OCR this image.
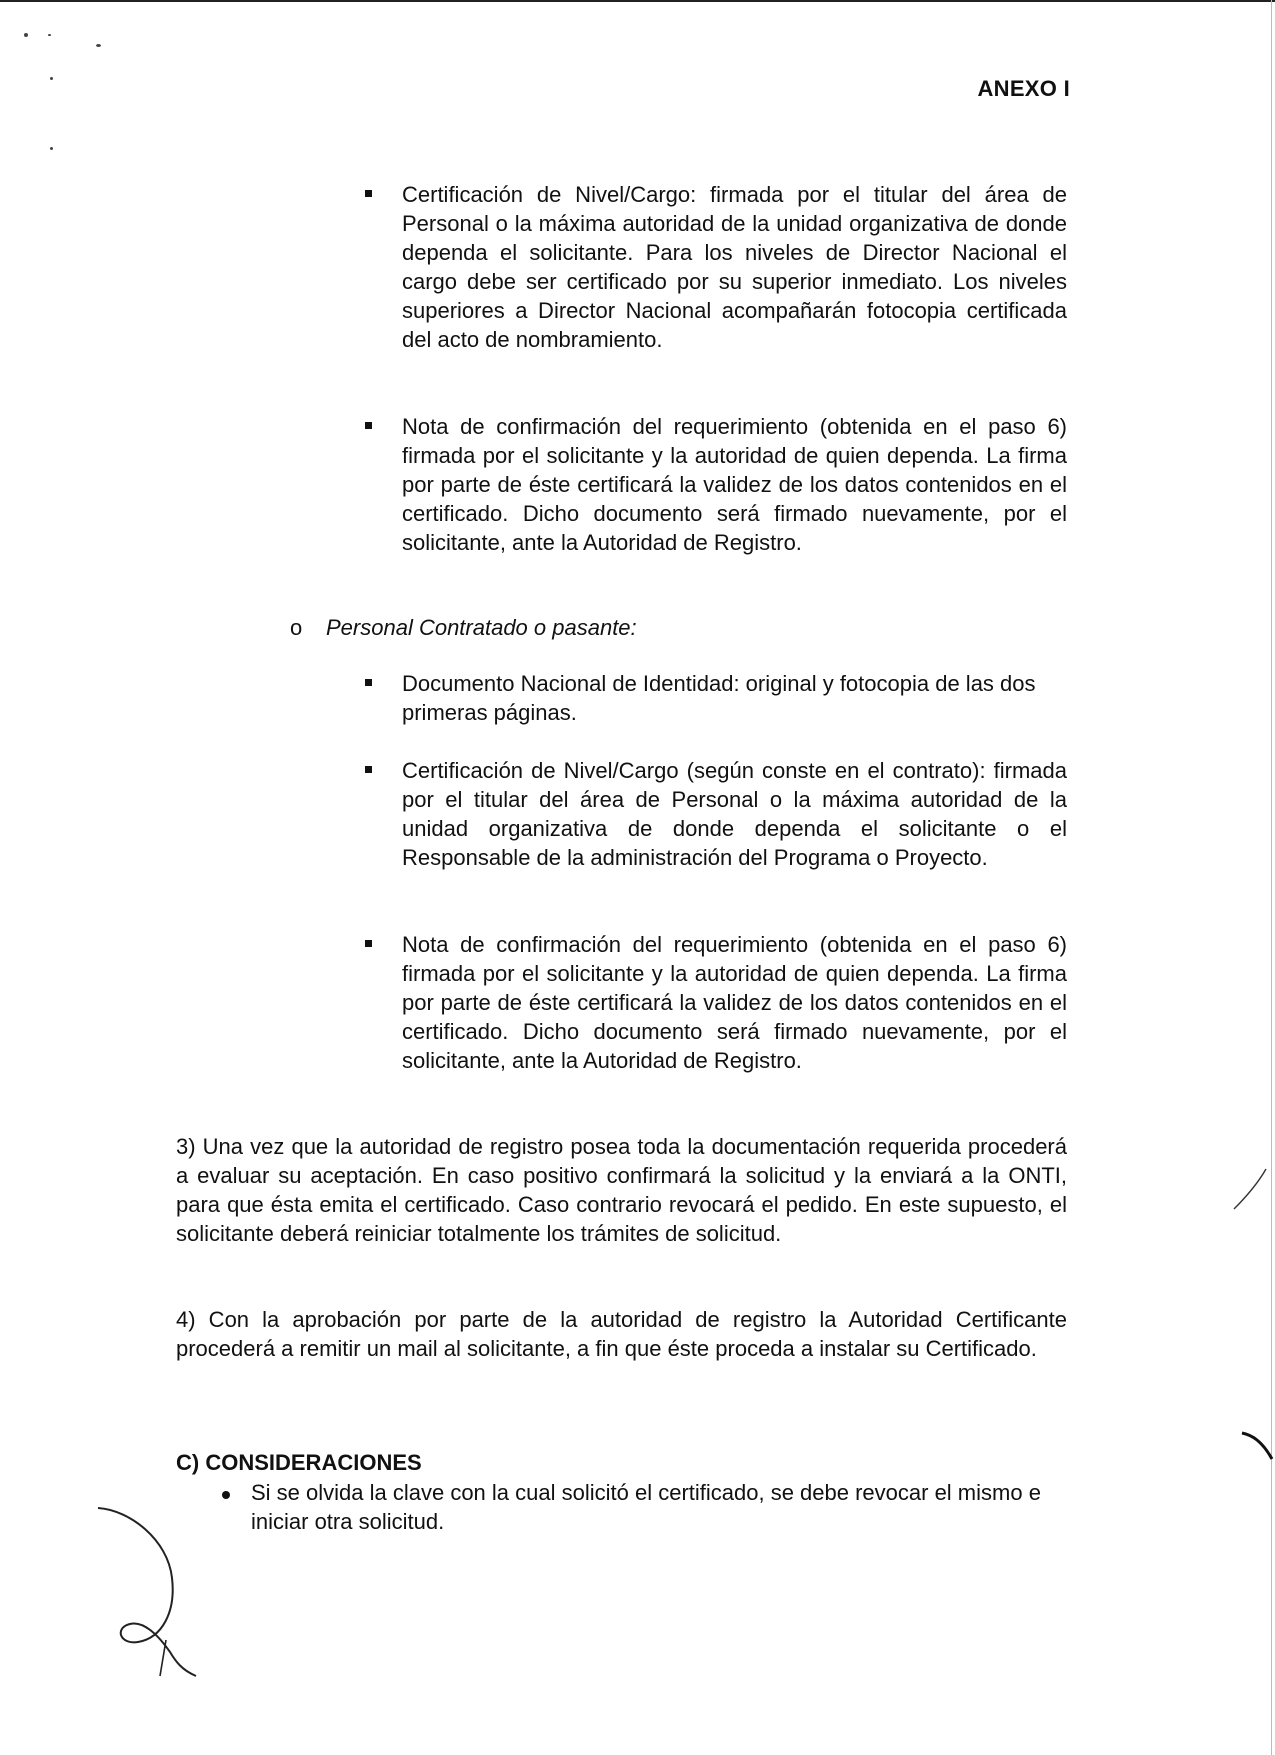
ANEXO I
Certificación de Nivel/Cargo: firmada por el titular del área de Personal o la máxima autoridad de la unidad organizativa de donde dependa el solicitante. Para los niveles de Director Nacional el cargo debe ser certificado por su superior inmediato. Los niveles superiores a Director Nacional acompañarán fotocopia certificada del acto de nombramiento.
Nota de confirmación del requerimiento (obtenida en el paso 6) firmada por el solicitante y la autoridad de quien dependa. La firma por parte de éste certificará la validez de los datos contenidos en el certificado. Dicho documento será firmado nuevamente, por el solicitante, ante la Autoridad de Registro.
o Personal Contratado o pasante:
Documento Nacional de Identidad: original y fotocopia de las dos primeras páginas.
Certificación de Nivel/Cargo (según conste en el contrato): firmada por el titular del área de Personal o la máxima autoridad de la unidad organizativa de donde dependa el solicitante o el Responsable de la administración del Programa o Proyecto.
Nota de confirmación del requerimiento (obtenida en el paso 6) firmada por el solicitante y la autoridad de quien dependa. La firma por parte de éste certificará la validez de los datos contenidos en el certificado. Dicho documento será firmado nuevamente, por el solicitante, ante la Autoridad de Registro.
3) Una vez que la autoridad de registro posea toda la documentación requerida procederá a evaluar su aceptación. En caso positivo confirmará la solicitud y la enviará a la ONTI, para que ésta emita el certificado. Caso contrario revocará el pedido. En este supuesto, el solicitante deberá reiniciar totalmente los trámites de solicitud.
4) Con la aprobación por parte de la autoridad de registro la Autoridad Certificante procederá a remitir un mail al solicitante, a fin que éste proceda a instalar su Certificado.
C) CONSIDERACIONES
Si se olvida la clave con la cual solicitó el certificado, se debe revocar el mismo e iniciar otra solicitud.
